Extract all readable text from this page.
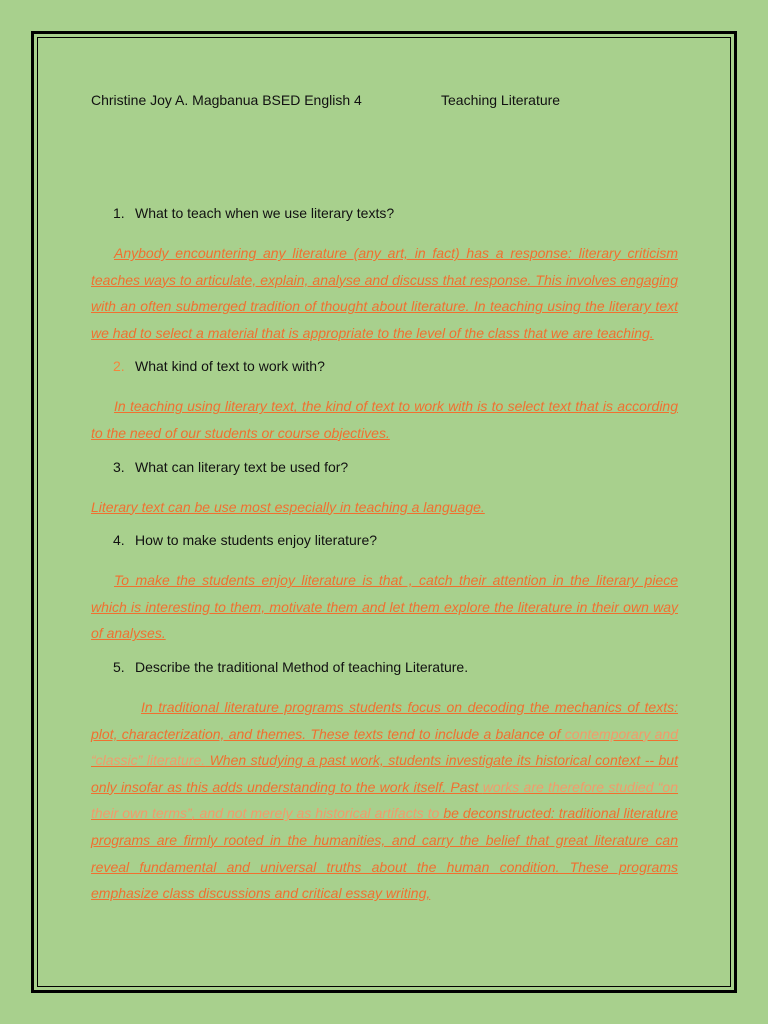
Christine Joy A. Magbanua BSED English 4	Teaching Literature
1. What to teach when we use literary texts?

Anybody encountering any literature (any art, in fact) has a response: literary criticism teaches ways to articulate, explain, analyse and discuss that response. This involves engaging with an often submerged tradition of thought about literature. In teaching using the literary text we had to select a material that is appropriate to the level of the class that we are teaching.

2. What kind of text to work with?

In teaching using literary text, the kind of text to work with is to select text that is according to the need of our students or course objectives.

3. What can literary text be used for?

Literary text can be use most especially in teaching a language.

4. How to make students enjoy literature?

To make the students enjoy literature is that , catch their attention in the literary piece which is interesting to them, motivate them and let them explore the literature in their own way of analyses.

5. Describe the traditional Method of teaching Literature.

In traditional literature programs students focus on decoding the mechanics of texts: plot, characterization, and themes. These texts tend to include a balance of contemporary and “classic” literature. When studying a past work, students investigate its historical context -- but only insofar as this adds understanding to the work itself. Past works are therefore studied “on their own terms”, and not merely as historical artifacts to be deconstructed: traditional literature programs are firmly rooted in the humanities, and carry the belief that great literature can reveal fundamental and universal truths about the human condition. These programs emphasize class discussions and critical essay writing,
